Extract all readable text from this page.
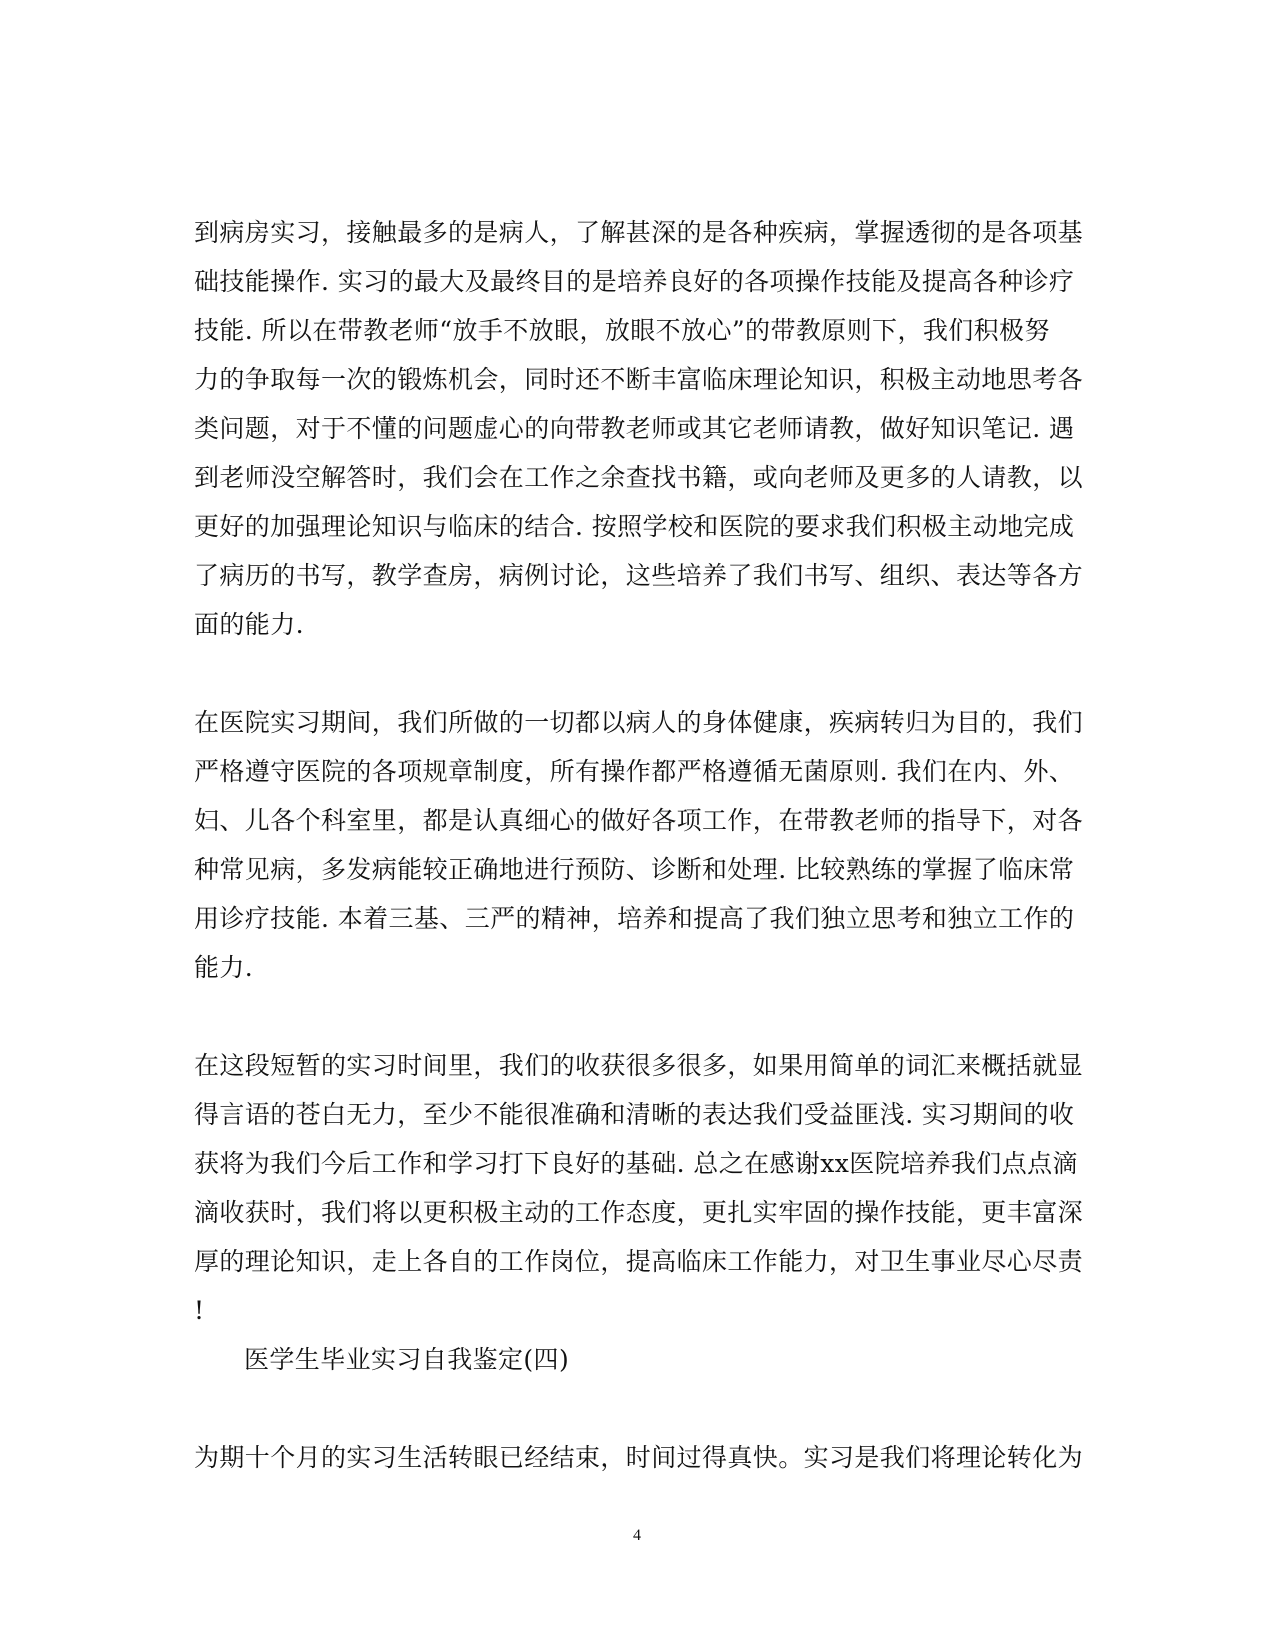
到病房实习，接触最多的是病人，了解甚深的是各种疾病，掌握透彻的是各项基
础技能操作. 实习的最大及最终目的是培养良好的各项操作技能及提高各种诊疗
技能. 所以在带教老师“放手不放眼，放眼不放心”的带教原则下，我们积极努
力的争取每一次的锻炼机会，同时还不断丰富临床理论知识，积极主动地思考各
类问题，对于不懂的问题虚心的向带教老师或其它老师请教，做好知识笔记. 遇
到老师没空解答时，我们会在工作之余查找书籍，或向老师及更多的人请教，以
更好的加强理论知识与临床的结合. 按照学校和医院的要求我们积极主动地完成
了病历的书写，教学查房，病例讨论，这些培养了我们书写、组织、表达等各方
面的能力.
在医院实习期间，我们所做的一切都以病人的身体健康，疾病转归为目的，我们
严格遵守医院的各项规章制度，所有操作都严格遵循无菌原则. 我们在内、外、
妇、儿各个科室里，都是认真细心的做好各项工作，在带教老师的指导下，对各
种常见病，多发病能较正确地进行预防、诊断和处理. 比较熟练的掌握了临床常
用诊疗技能. 本着三基、三严的精神，培养和提高了我们独立思考和独立工作的
能力.
在这段短暂的实习时间里，我们的收获很多很多，如果用简单的词汇来概括就显
得言语的苍白无力，至少不能很准确和清晰的表达我们受益匪浅. 实习期间的收
获将为我们今后工作和学习打下良好的基础. 总之在感谢xx医院培养我们点点滴
滴收获时，我们将以更积极主动的工作态度，更扎实牢固的操作技能，更丰富深
厚的理论知识，走上各自的工作岗位，提高临床工作能力，对卫生事业尽心尽责
!
医学生毕业实习自我鉴定(四)
为期十个月的实习生活转眼已经结束，时间过得真快。实习是我们将理论转化为
4
